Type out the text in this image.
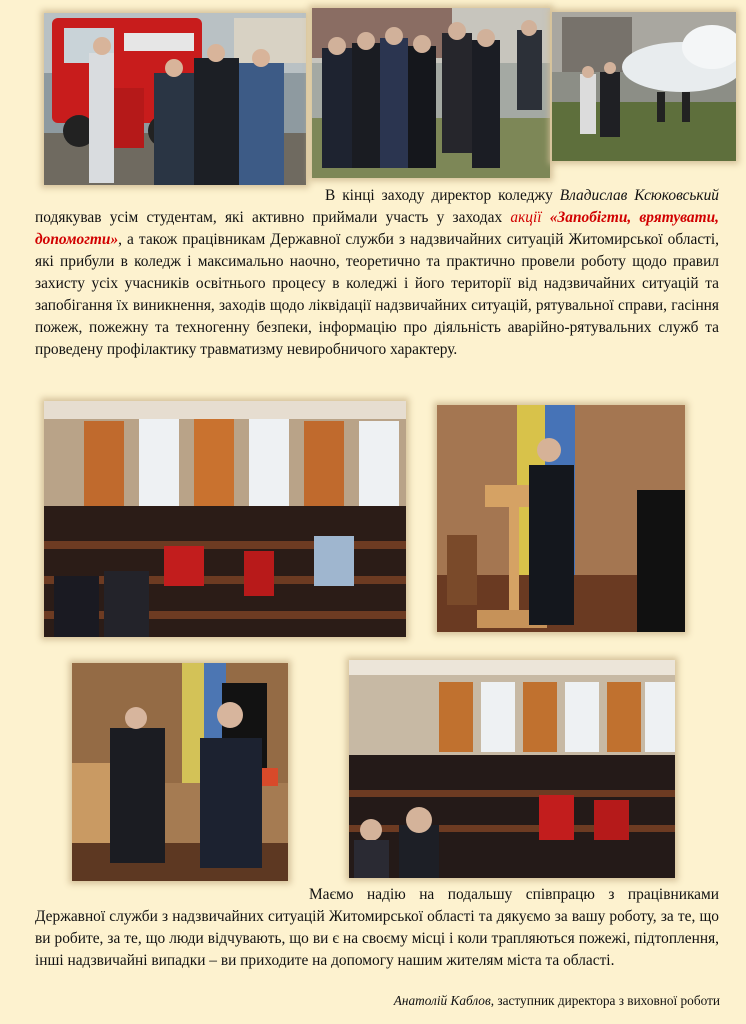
В кінці заходу директор коледжу Владислав Ксюковський подякував усім студентам, які активно приймали участь у заходах акції «Запобігти, врятувати, допомогти», а також працівникам Державної служби з надзвичайних ситуацій Житомирської області, які прибули в коледж і максимально наочно, теоретично та практично провели роботу щодо правил захисту усіх учасників освітнього процесу в коледжі і його території від надзвичайних ситуацій та запобігання їх виникнення, заходів щодо ліквідації надзвичайних ситуацій, рятувальної справи, гасіння пожеж, пожежну та техногенну безпеки, інформацію про діяльність аварійно-рятувальних служб та проведену профілактику травматизму невиробничого характеру.
Маємо надію на подальшу співпрацю з працівниками Державної служби з надзвичайних ситуацій Житомирської області та дякуємо за вашу роботу, за те, що ви робите, за те, що люди відчувають, що ви є на своєму місці і коли трапляються пожежі, підтоплення, інші надзвичайні випадки – ви приходите на допомогу нашим жителям міста та області.
Анатолій Каблов, заступник директора з виховної роботи
